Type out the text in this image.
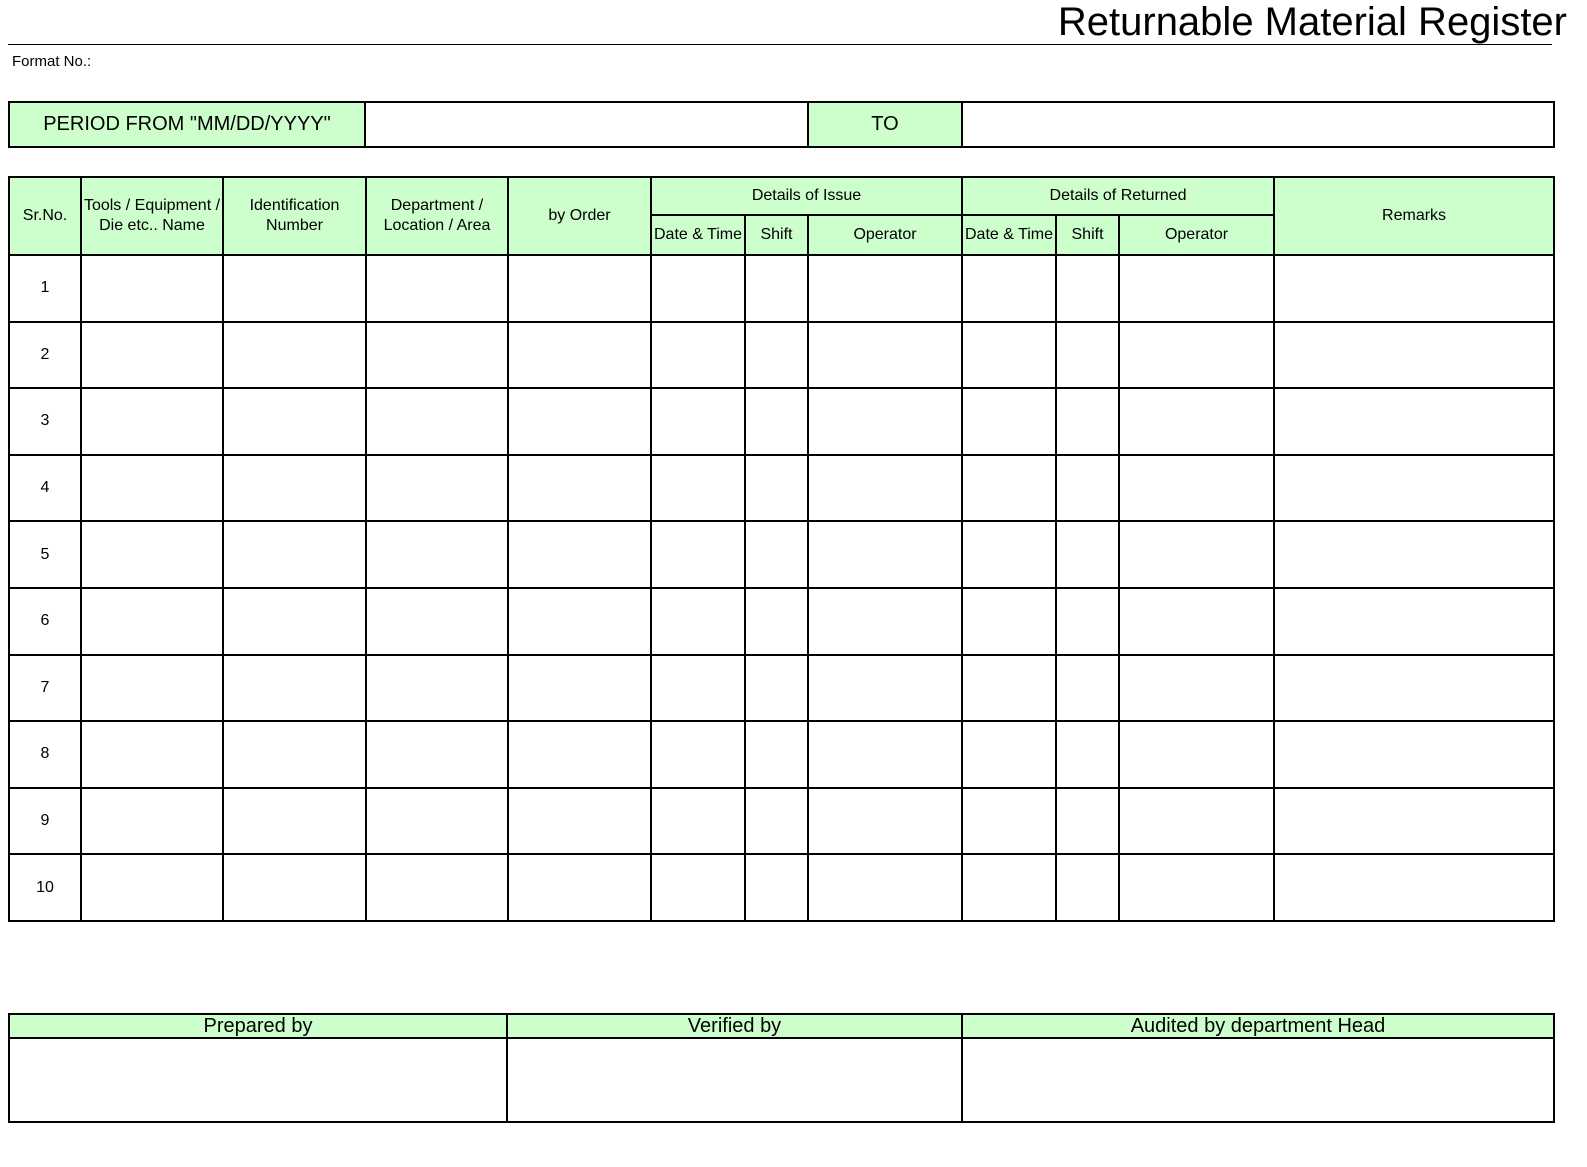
Returnable Material Register
Format No.:
PERIOD FROM "MM/DD/YYYY"		TO	
Sr.No.	Tools / Equipment / Die etc.. Name	Identification Number	Department / Location / Area	by Order	Details of Issue			Details of Returned			Remarks
					Date & Time	Shift	Operator	Date & Time	Shift	Operator	
1											
2											
3											
4											
5											
6											
7											
8											
9											
10											
Prepared by	Verified by	Audited by department Head
